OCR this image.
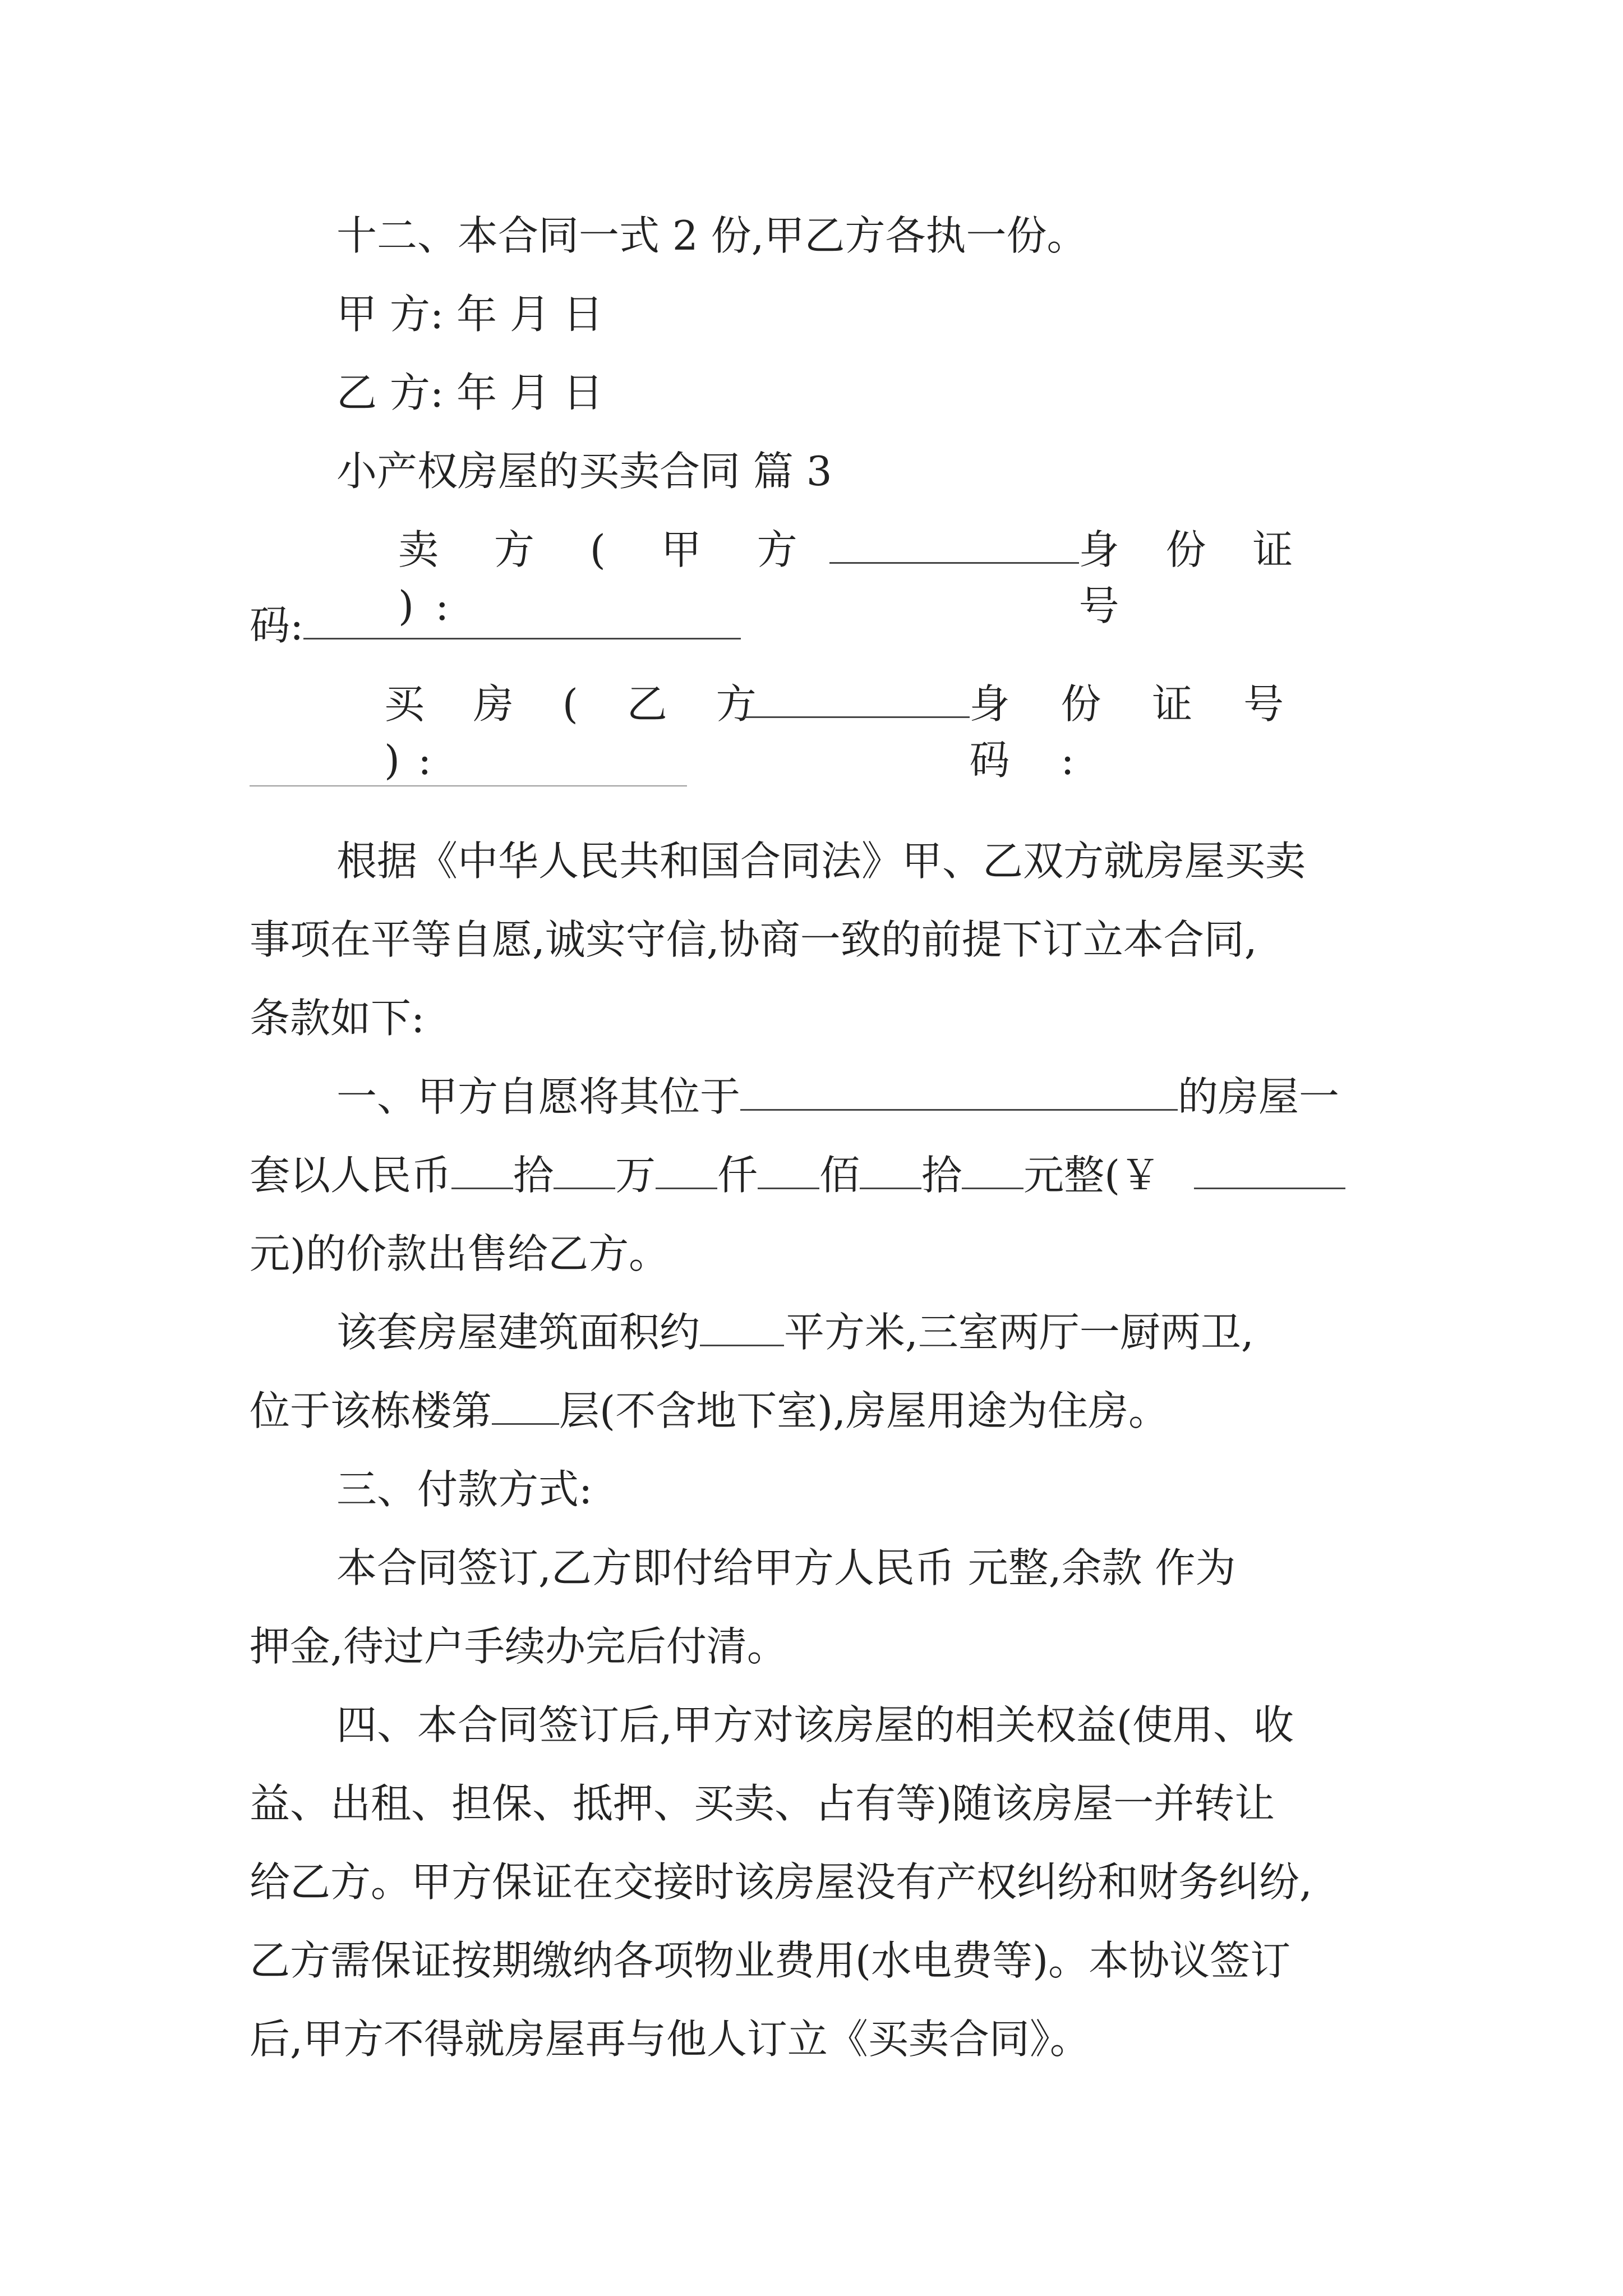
十二、本合同一式 2 份,甲乙方各执一份。
甲 方: 年 月 日
乙 方: 年 月 日
小产权房屋的买卖合同 篇 3
卖 方 ( 甲 方 ):
身 份 证 号
码:
买 房 ( 乙 方 ):
身 份 证 号 码 :
根据《中华人民共和国合同法》甲、乙双方就房屋买卖
事项在平等自愿,诚实守信,协商一致的前提下订立本合同,
条款如下:
一、甲方自愿将其位于	的房屋一
套以人民币 拾 万 仟 佰 拾 元整(￥
元)的价款出售给乙方。
该套房屋建筑面积约 平方米,三室两厅一厨两卫,
位于该栋楼第 层(不含地下室),房屋用途为住房。
三、付款方式:
本合同签订,乙方即付给甲方人民币 元整,余款 作为
押金,待过户手续办完后付清。
四、本合同签订后,甲方对该房屋的相关权益(使用、收
益、出租、担保、抵押、买卖、占有等)随该房屋一并转让
给乙方。甲方保证在交接时该房屋没有产权纠纷和财务纠纷,
乙方需保证按期缴纳各项物业费用(水电费等)。本协议签订
后,甲方不得就房屋再与他人订立《买卖合同》。
